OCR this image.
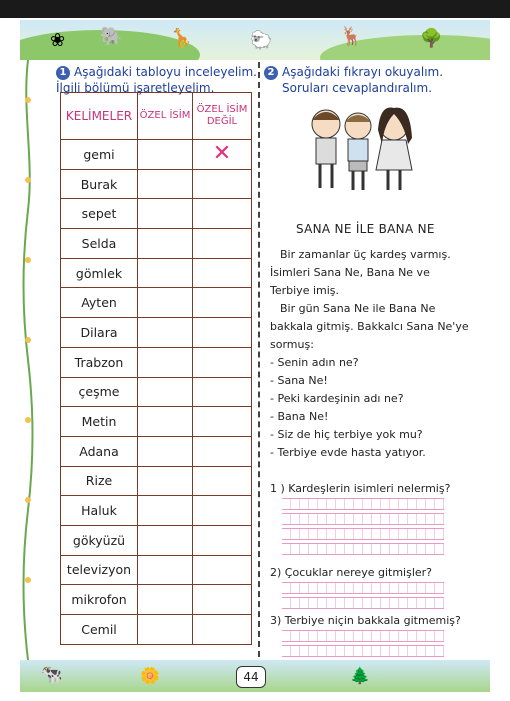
❀ 🐘	🦒	🐑	🦌	🌳
1 Aşağıdaki tabloyu inceleyelim.
İlgili bölümü işaretleyelim.
KELİMELER	ÖZEL İSİM	ÖZEL İSİM DEĞİL
gemi		✕
Burak		
sepet		
Selda		
gömlek		
Ayten		
Dilara		
Trabzon		
çeşme		
Metin		
Adana		
Rize		
Haluk		
gökyüzü		
televizyon		
mikrofon		
Cemil		
2 Aşağıdaki fıkrayı okuyalım.
Soruları cevaplandıralım.
SANA NE İLE BANA NE

Bir zamanlar üç kardeş varmış.

İsimleri Sana Ne, Bana Ne ve

Terbiye imiş.

Bir gün Sana Ne ile Bana Ne

bakkala gitmiş. Bakkalcı Sana Ne'ye

sormuş:

- Senin adın ne?

- Sana Ne!

- Peki kardeşinin adı ne?

- Bana Ne!

- Siz de hiç terbiye yok mu?

- Terbiye evde hasta yatıyor.

1 ) Kardeşlerin isimleri nelermiş?
2) Çocuklar nereye gitmişler?
3) Terbiye niçin bakkala gitmemiş?
🐄	🌼	🌲
44
